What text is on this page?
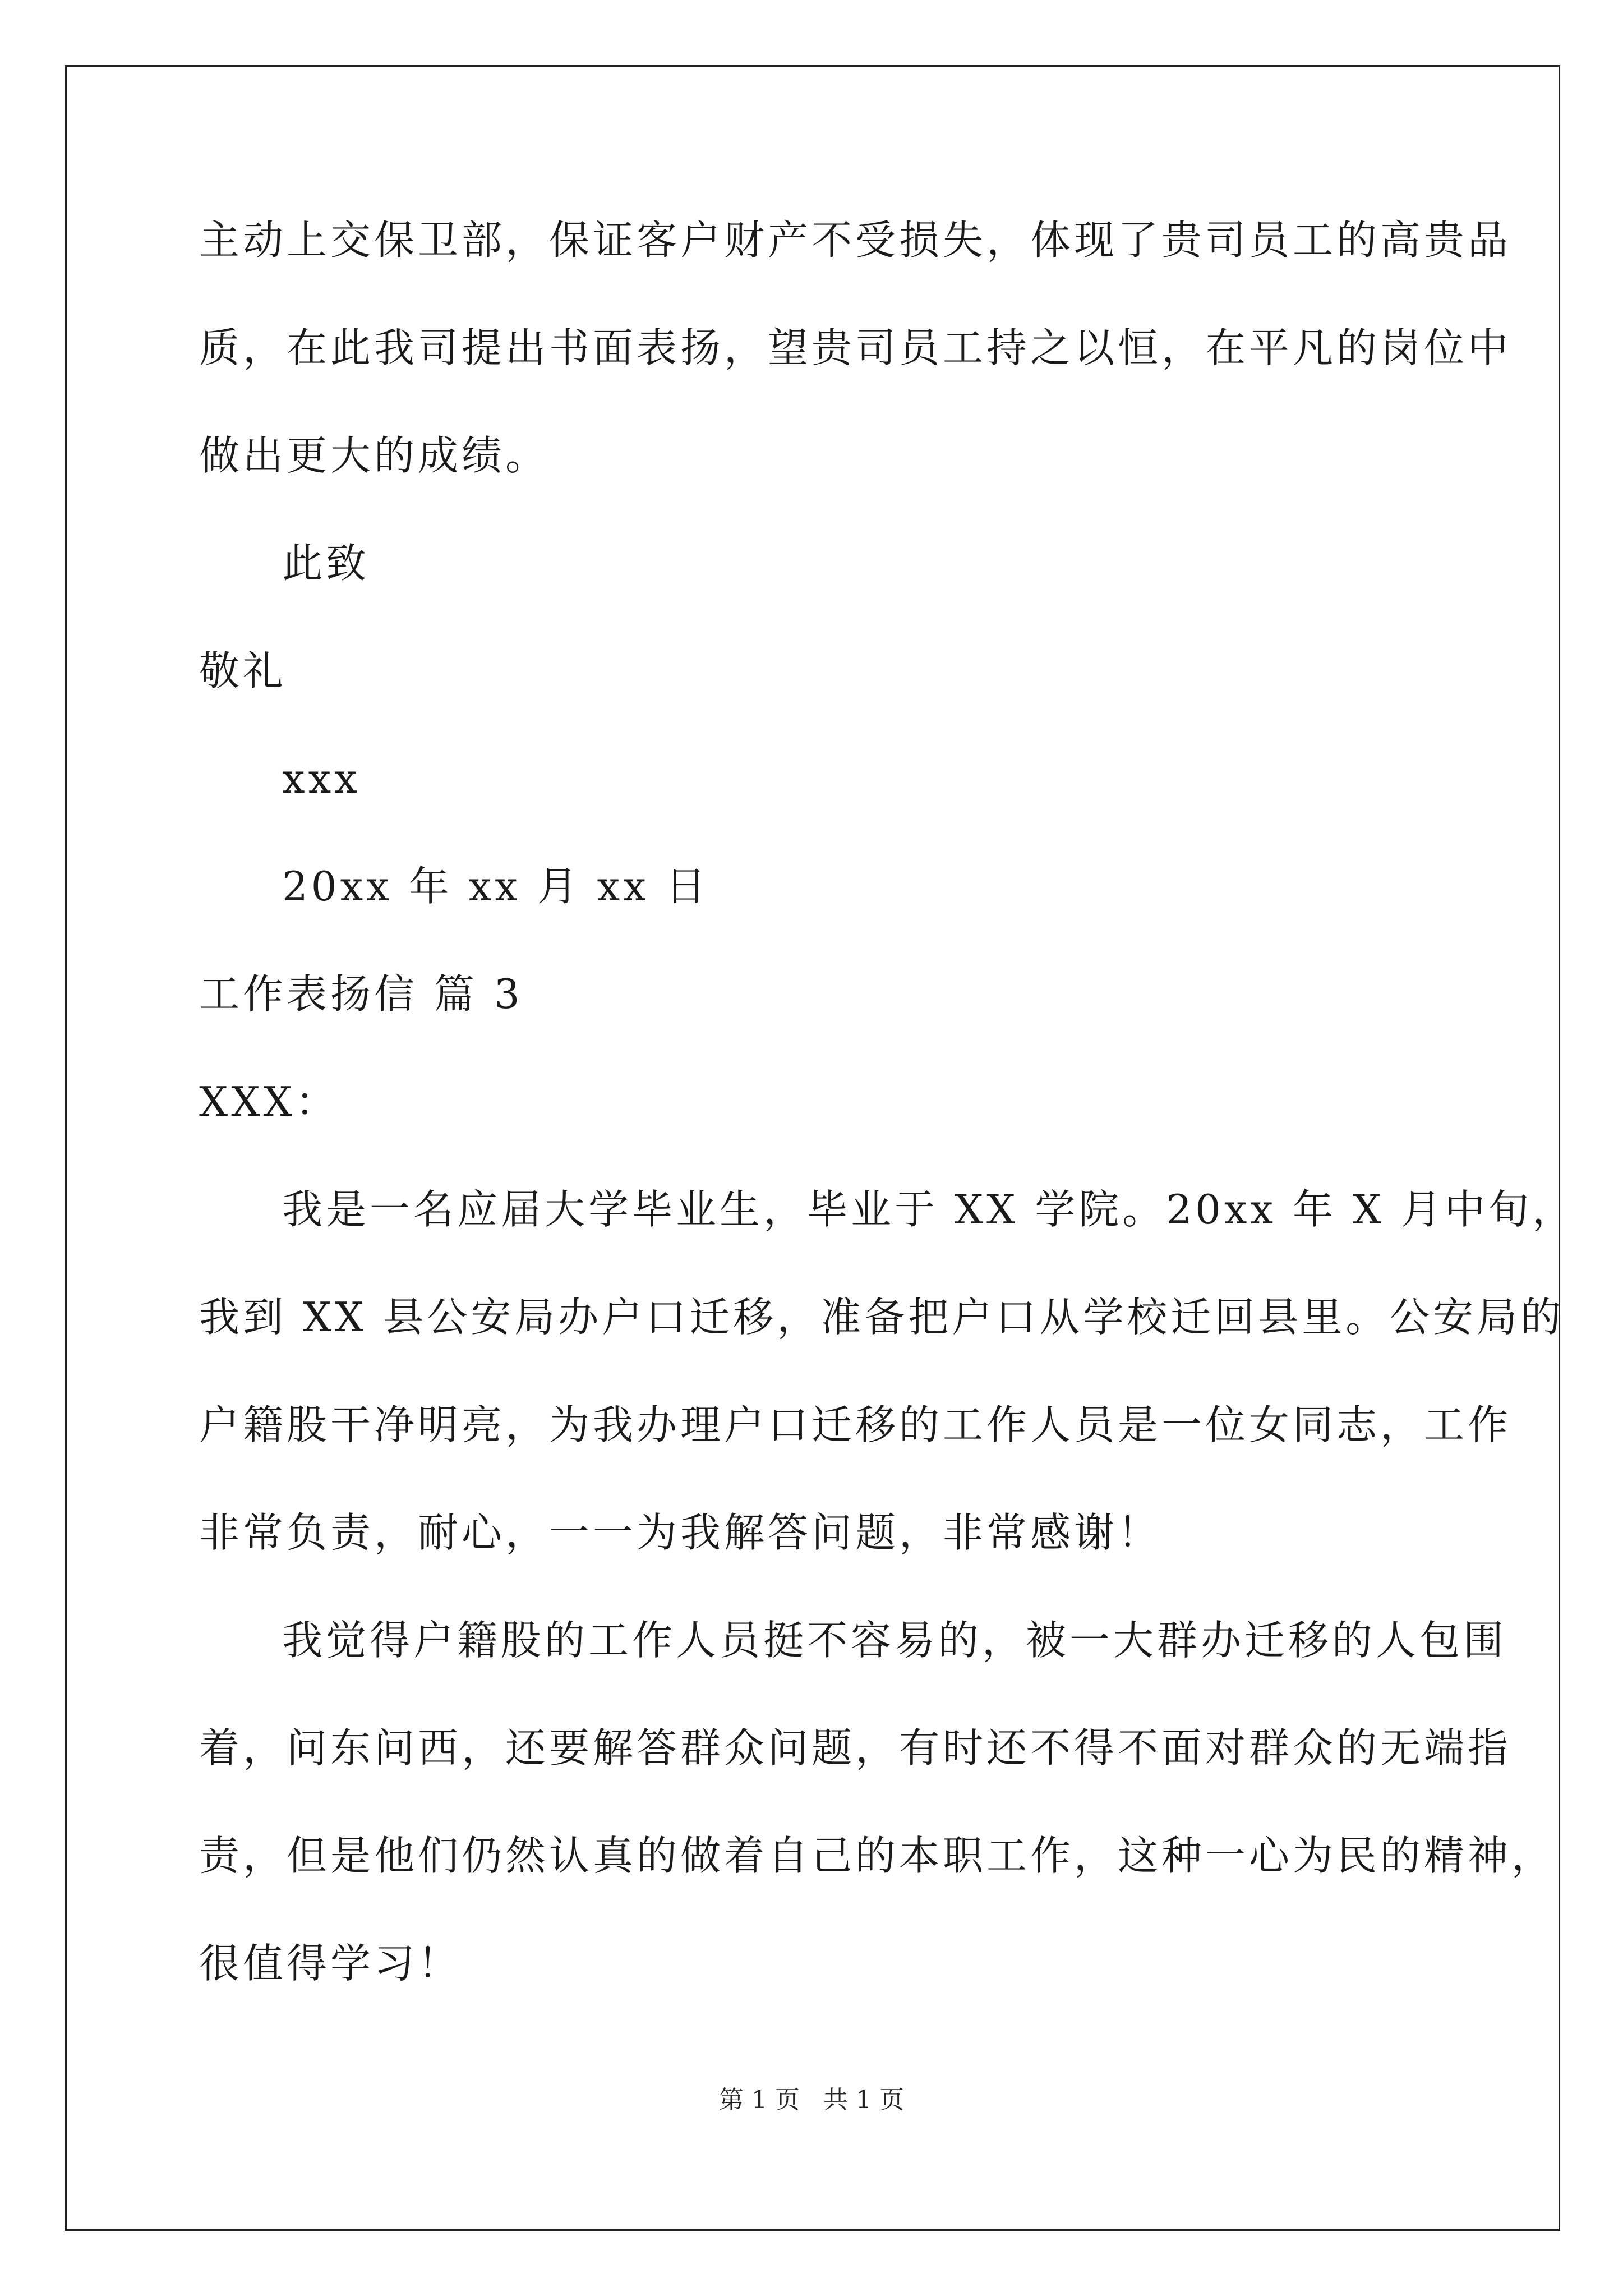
主动上交保卫部，保证客户财产不受损失，体现了贵司员工的高贵品
质，在此我司提出书面表扬，望贵司员工持之以恒，在平凡的岗位中
做出更大的成绩。
此致
敬礼
xxx
20xx 年 xx 月 xx 日
工作表扬信 篇 3
XXX：
我是一名应届大学毕业生，毕业于 XX 学院。20xx 年 X 月中旬，
我到 XX 县公安局办户口迁移，准备把户口从学校迁回县里。公安局的
户籍股干净明亮，为我办理户口迁移的工作人员是一位女同志，工作
非常负责，耐心，一一为我解答问题，非常感谢！
我觉得户籍股的工作人员挺不容易的，被一大群办迁移的人包围
着，问东问西，还要解答群众问题，有时还不得不面对群众的无端指
责，但是他们仍然认真的做着自己的本职工作，这种一心为民的精神，
很值得学习！
第 1 页   共 1 页
